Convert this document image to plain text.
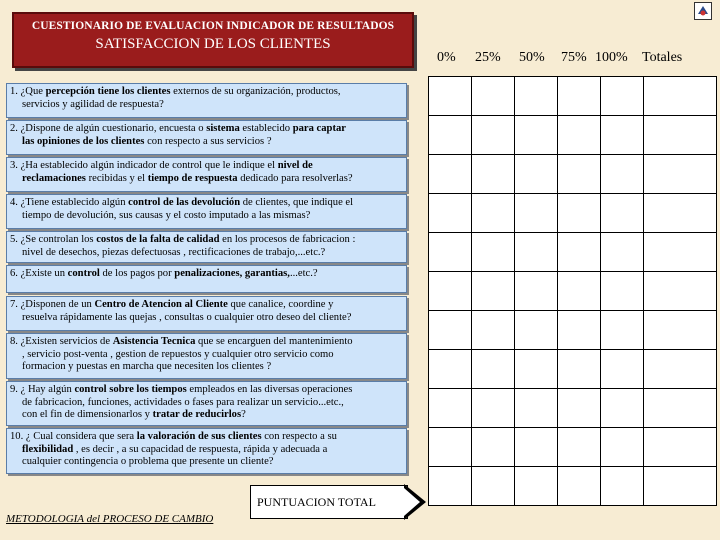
CUESTIONARIO DE EVALUACION INDICADOR DE RESULTADOS
SATISFACCION DE LOS CLIENTES
0% 25% 50% 75% 100% Totales
1. ¿Que percepción tiene los clientes externos de su organización, productos,
servicios y agilidad de respuesta?
2. ¿Dispone de algún cuestionario, encuesta o sistema establecido para captar
las opiniones de los clientes con respecto a sus servicios ?
3. ¿Ha establecido algún indicador de control que le indique el nivel de
reclamaciones recibidas y el tiempo de respuesta dedicado para resolverlas?
4. ¿Tiene establecido algún control de las devolución de clientes, que indique el
tiempo de devolución, sus causas y el costo imputado a las mismas?
5. ¿Se controlan los costos de la falta de calidad en los procesos de fabricacion :
nivel de desechos, piezas defectuosas , rectificaciones de trabajo,...etc.?
6. ¿Existe un control de los pagos por penalizaciones, garantias,...etc.?
7. ¿Disponen de un Centro de Atencion al Cliente que canalice, coordine y
resuelva rápidamente las quejas , consultas o cualquier otro deseo del cliente?
8. ¿Existen servicios de Asistencia Tecnica que se encarguen del mantenimiento
, servicio post-venta , gestion de repuestos y cualquier otro servicio como
formacion y puestas en marcha que necesiten los clientes ?
9. ¿ Hay algún control sobre los tiempos empleados en las diversas operaciones
de fabricacion, funciones, actividades o fases para realizar un servicio...etc.,
con el fin de dimensionarlos y tratar de reducirlos?
10. ¿ Cual considera que sera la valoración de sus clientes con respecto a su
flexibilidad , es decir , a su capacidad de respuesta, rápida y adecuada a
cualquier contingencia o problema que presente un cliente?

PUNTUACION TOTAL
METODOLOGIA del PROCESO DE CAMBIO
